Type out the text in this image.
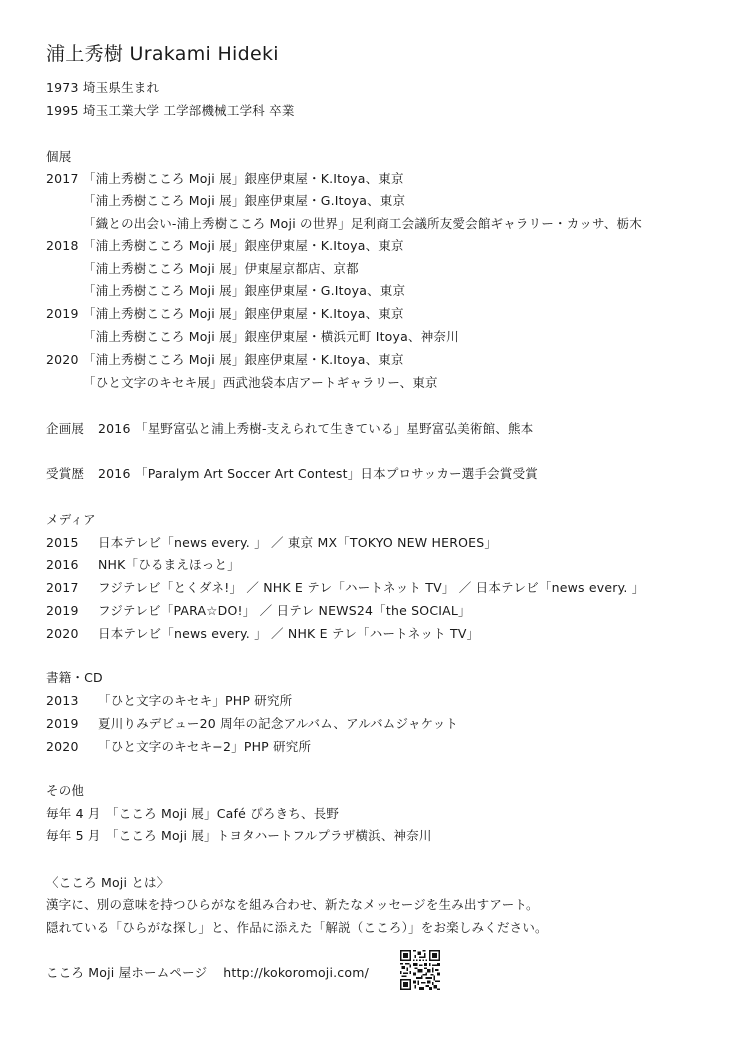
浦上秀樹 Urakami Hideki
1973 埼玉県生まれ
1995 埼玉工業大学 工学部機械工学科 卒業
個展
2017 「浦上秀樹こころ Moji 展」銀座伊東屋・K.Itoya、東京
「浦上秀樹こころ Moji 展」銀座伊東屋・G.Itoya、東京
「織との出会い-浦上秀樹こころ Moji の世界」足利商工会議所友愛会館ギャラリー・カッサ、栃木
2018 「浦上秀樹こころ Moji 展」銀座伊東屋・K.Itoya、東京
「浦上秀樹こころ Moji 展」伊東屋京都店、京都
「浦上秀樹こころ Moji 展」銀座伊東屋・G.Itoya、東京
2019 「浦上秀樹こころ Moji 展」銀座伊東屋・K.Itoya、東京
「浦上秀樹こころ Moji 展」銀座伊東屋・横浜元町 Itoya、神奈川
2020 「浦上秀樹こころ Moji 展」銀座伊東屋・K.Itoya、東京
「ひと文字のキセキ展」西武池袋本店アートギャラリー、東京
企画展 2016 「星野富弘と浦上秀樹-支えられて生きている」星野富弘美術館、熊本
受賞歴 2016 「Paralym Art Soccer Art Contest」日本プロサッカー選手会賞受賞
メディア
2015 日本テレビ「news every. 」 ／ 東京 MX「TOKYO NEW HEROES」
2016 NHK「ひるまえほっと」
2017 フジテレビ「とくダネ!」 ／ NHK E テレ「ハートネット TV」 ／ 日本テレビ「news every. 」
2019 フジテレビ「PARA☆DO!」 ／ 日テレ NEWS24「the SOCIAL」
2020 日本テレビ「news every. 」 ／ NHK E テレ「ハートネット TV」
書籍・CD
2013 「ひと文字のキセキ」PHP 研究所
2019 夏川りみデビュー20 周年の記念アルバム、アルバムジャケット
2020 「ひと文字のキセキ−2」PHP 研究所
その他
毎年 4 月 「こころ Moji 展」Café ぴろきち、長野
毎年 5 月 「こころ Moji 展」トヨタハートフルプラザ横浜、神奈川
〈こころ Moji とは〉
漢字に、別の意味を持つひらがなを組み合わせ、新たなメッセージを生み出すアート。
隠れている「ひらがな探し」と、作品に添えた「解説（こころ）」をお楽しみください。
こころ Moji 屋ホームページ http://kokoromoji.com/
